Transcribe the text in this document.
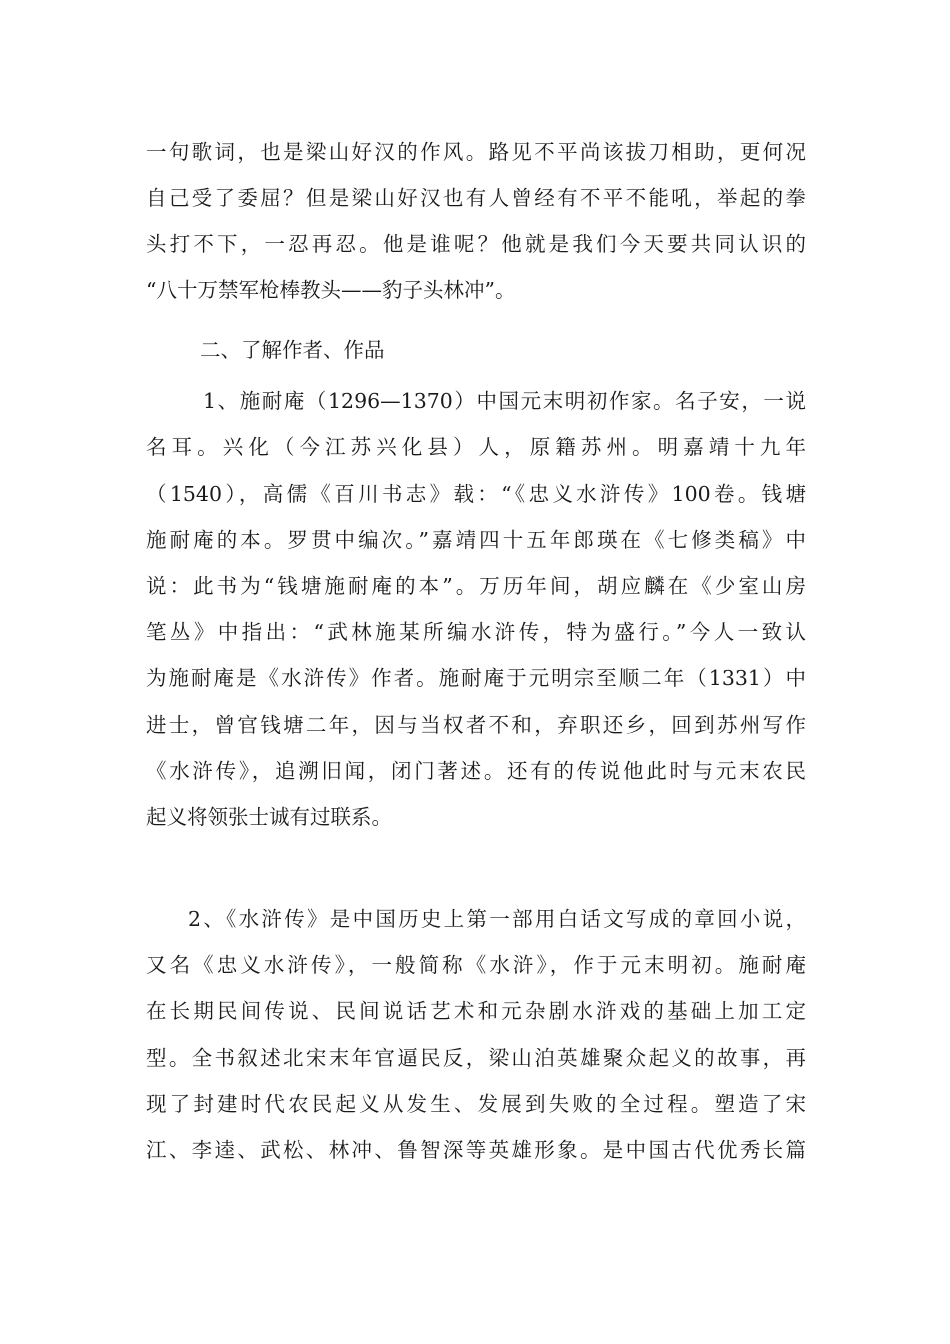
一句歌词，也是梁山好汉的作风。路见不平尚该拔刀相助，更何况

自己受了委屈？但是梁山好汉也有人曾经有不平不能吼，举起的拳

头打不下，一忍再忍。他是谁呢？他就是我们今天要共同认识的

“八十万禁军枪棒教头——豹子头林冲”。

二、了解作者、作品

1、施耐庵（1296—1370）中国元末明初作家。名子安，一说

名耳。兴化（今江苏兴化县）人，原籍苏州。明嘉靖十九年

（1540），高儒《百川书志》载：“《忠义水浒传》100卷。钱塘

施耐庵的本。罗贯中编次。”嘉靖四十五年郎瑛在《七修类稿》中

说：此书为“钱塘施耐庵的本”。万历年间，胡应麟在《少室山房

笔丛》中指出：“武林施某所编水浒传，特为盛行。”今人一致认

为施耐庵是《水浒传》作者。施耐庵于元明宗至顺二年（1331）中

进士，曾官钱塘二年，因与当权者不和，弃职还乡，回到苏州写作

《水浒传》，追溯旧闻，闭门著述。还有的传说他此时与元末农民

起义将领张士诚有过联系。

2、《水浒传》是中国历史上第一部用白话文写成的章回小说，

又名《忠义水浒传》，一般简称《水浒》，作于元末明初。施耐庵

在长期民间传说、民间说话艺术和元杂剧水浒戏的基础上加工定

型。全书叙述北宋末年官逼民反，梁山泊英雄聚众起义的故事，再

现了封建时代农民起义从发生、发展到失败的全过程。塑造了宋

江、李逵、武松、林冲、鲁智深等英雄形象。是中国古代优秀长篇
